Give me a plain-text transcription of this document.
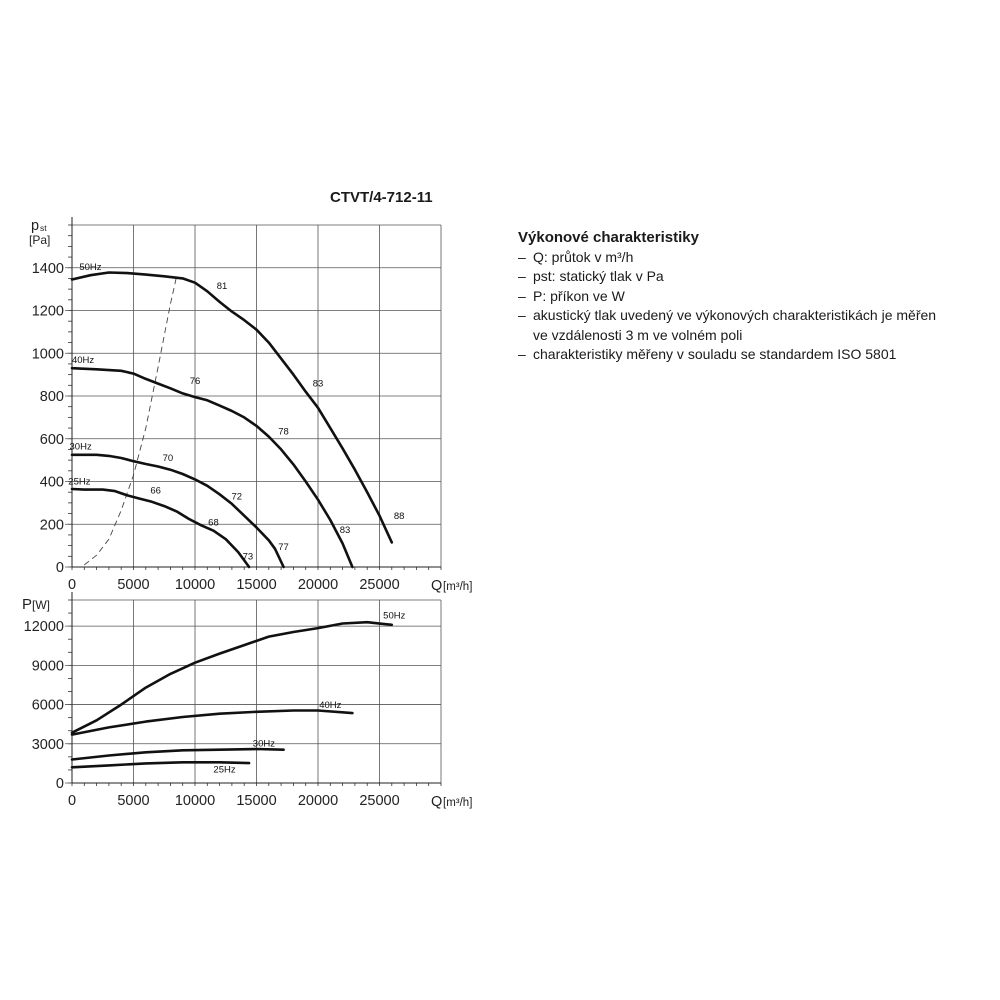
CTVT/4-712-11
0
200
400
600
800
1000
1200
1400
0	5000 10000 15000 20000 25000 Q [m³/h]
50Hz
40Hz
30Hz
25Hz
81
76
70
66
83
78
72
68
88
83
77
73
p st
[Pa]
0
3000
6000
9000
12000
0	5000 10000 15000 20000 25000 Q [m³/h]
50Hz
40Hz
30Hz
25Hz
P [W]
Výkonové charakteristiky
– Q: průtok v m³/h
– pst: statický tlak v Pa
– P: příkon ve W
– akustický tlak uvedený ve výkonových charakteristikách je měřen
ve vzdálenosti 3 m ve volném poli
– charakteristiky měřeny v souladu se standardem ISO 5801
